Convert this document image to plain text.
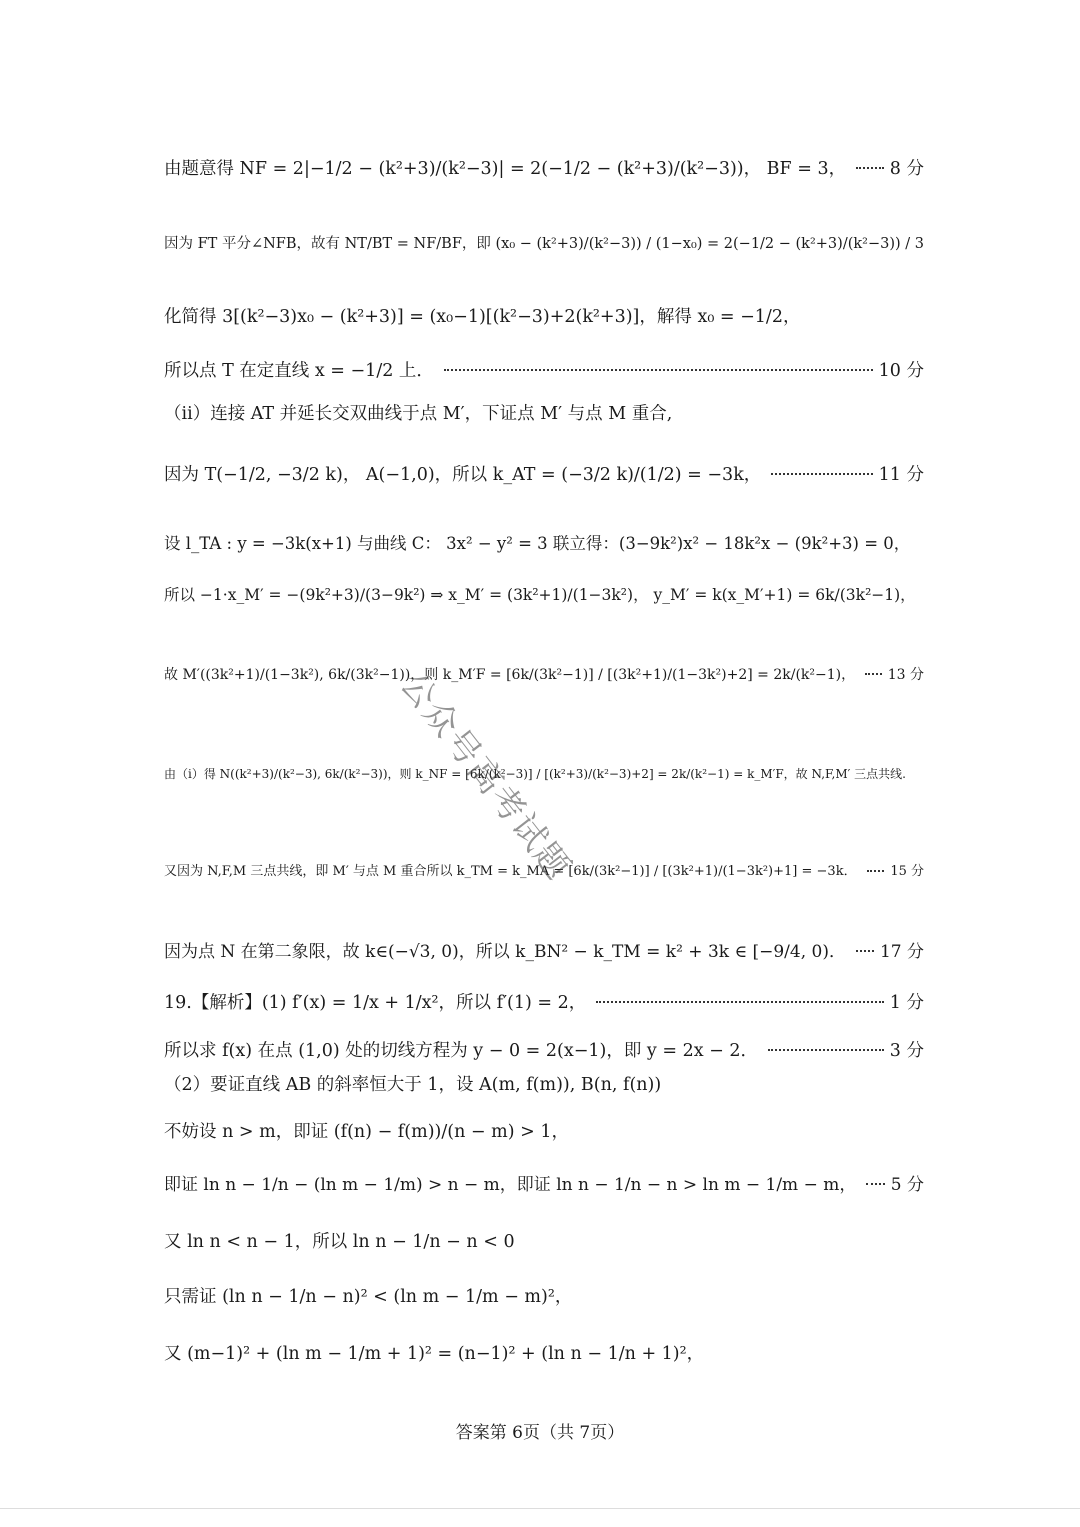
由题意得 NF = 2|−1/2 − (k²+3)/(k²−3)| = 2(−1/2 − (k²+3)/(k²−3))， BF = 3， 8 分
因为 FT 平分∠NFB，故有 NT/BT = NF/BF，即 (x₀ − (k²+3)/(k²−3)) / (1−x₀) = 2(−1/2 − (k²+3)/(k²−3)) / 3
化简得 3[(k²−3)x₀ − (k²+3)] = (x₀−1)[(k²−3)+2(k²+3)]，解得 x₀ = −1/2，
所以点 T 在定直线 x = −1/2 上．	10 分
（ii）连接 AT 并延长交双曲线于点 M′，下证点 M′ 与点 M 重合,
因为 T(−1/2, −3/2 k)， A(−1,0)，所以 k_AT = (−3/2 k)/(1/2) = −3k，	11 分
设 l_TA : y = −3k(x+1) 与曲线 C： 3x² − y² = 3 联立得：(3−9k²)x² − 18k²x − (9k²+3) = 0，
所以 −1·x_M′ = −(9k²+3)/(3−9k²) ⇒ x_M′ = (3k²+1)/(1−3k²)， y_M′ = k(x_M′+1) = 6k/(3k²−1)，
故 M′((3k²+1)/(1−3k²), 6k/(3k²−1))，则 k_M′F = [6k/(3k²−1)] / [(3k²+1)/(1−3k²)+2] = 2k/(k²−1)， 13 分
由（i）得 N((k²+3)/(k²−3), 6k/(k²−3))，则 k_NF = [6k/(k²−3)] / [(k²+3)/(k²−3)+2] = 2k/(k²−1) = k_M′F，故 N,F,M′ 三点共线.
又因为 N,F,M 三点共线，即 M′ 与点 M 重合所以 k_TM = k_MA = [6k/(3k²−1)] / [(3k²+1)/(1−3k²)+1] = −3k．	15 分
因为点 N 在第二象限，故 k∈(−√3, 0)，所以 k_BN² − k_TM = k² + 3k ∈ [−9/4, 0)． 17 分
19.【解析】(1) f′(x) = 1/x + 1/x²，所以 f′(1) = 2，	1 分
所以求 f(x) 在点 (1,0) 处的切线方程为 y − 0 = 2(x−1)，即 y = 2x − 2．	3 分
（2）要证直线 AB 的斜率恒大于 1，设 A(m, f(m)), B(n, f(n))
不妨设 n > m，即证 (f(n) − f(m))/(n − m) > 1，
即证 ln n − 1/n − (ln m − 1/m) > n − m，即证 ln n − 1/n − n > ln m − 1/m − m， 5 分
又 ln n < n − 1，所以 ln n − 1/n − n < 0
只需证 (ln n − 1/n − n)² < (ln m − 1/m − m)²，
又 (m−1)² + (ln m − 1/m + 1)² = (n−1)² + (ln n − 1/n + 1)²，
公众号高考试题
答案第 6页（共 7页）
